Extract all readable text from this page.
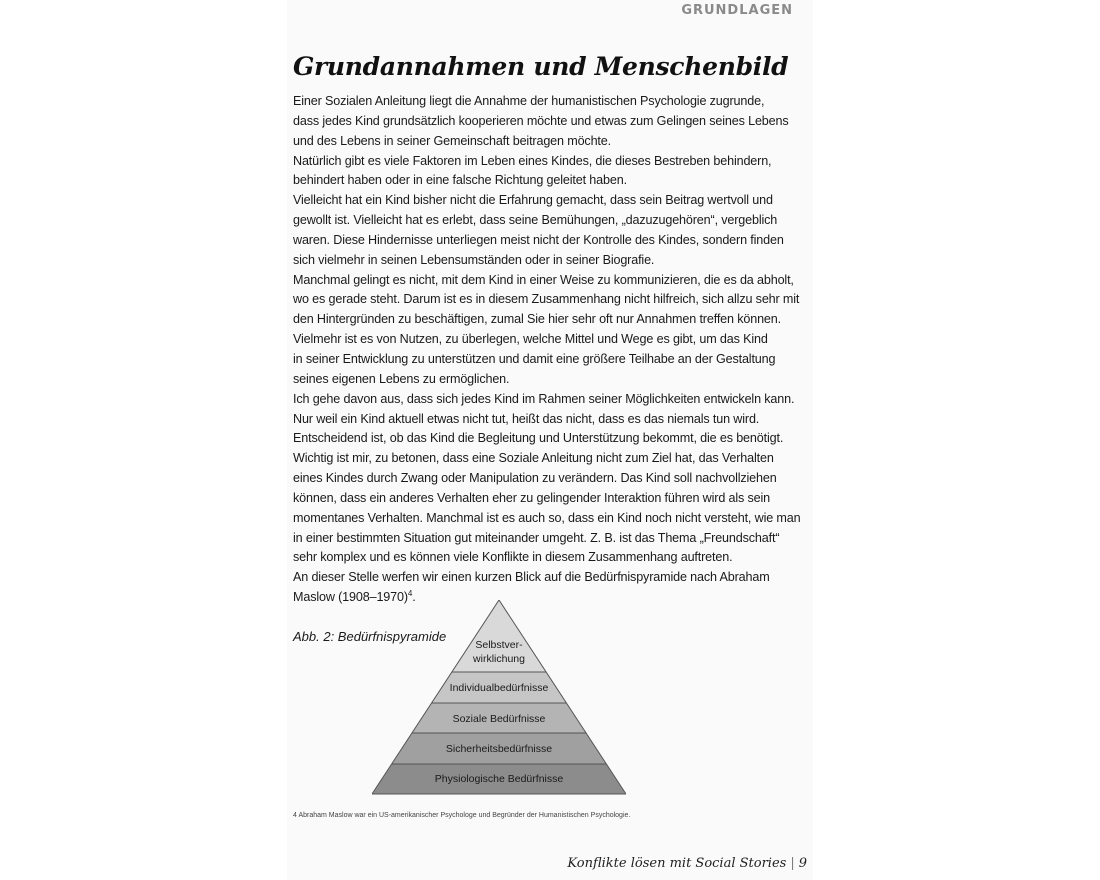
GRUNDLAGEN
Grundannahmen und Menschenbild

Einer Sozialen Anleitung liegt die Annahme der humanistischen Psychologie zugrunde,

dass jedes Kind grundsätzlich kooperieren möchte und etwas zum Gelingen seines Lebens

und des Lebens in seiner Gemeinschaft beitragen möchte.

Natürlich gibt es viele Faktoren im Leben eines Kindes, die dieses Bestreben behindern,

behindert haben oder in eine falsche Richtung geleitet haben.

Vielleicht hat ein Kind bisher nicht die Erfahrung gemacht, dass sein Beitrag wertvoll und

gewollt ist. Vielleicht hat es erlebt, dass seine Bemühungen, „dazuzugehören“, vergeblich

waren. Diese Hindernisse unterliegen meist nicht der Kontrolle des Kindes, sondern finden

sich vielmehr in seinen Lebensumständen oder in seiner Biografie.

Manchmal gelingt es nicht, mit dem Kind in einer Weise zu kommunizieren, die es da abholt,

wo es gerade steht. Darum ist es in diesem Zusammenhang nicht hilfreich, sich allzu sehr mit

den Hintergründen zu beschäftigen, zumal Sie hier sehr oft nur Annahmen treffen können.

Vielmehr ist es von Nutzen, zu überlegen, welche Mittel und Wege es gibt, um das Kind

in seiner Entwicklung zu unterstützen und damit eine größere Teilhabe an der Gestaltung

seines eigenen Lebens zu ermöglichen.

Ich gehe davon aus, dass sich jedes Kind im Rahmen seiner Möglichkeiten entwickeln kann.

Nur weil ein Kind aktuell etwas nicht tut, heißt das nicht, dass es das niemals tun wird.

Entscheidend ist, ob das Kind die Begleitung und Unterstützung bekommt, die es benötigt.

Wichtig ist mir, zu betonen, dass eine Soziale Anleitung nicht zum Ziel hat, das Verhalten

eines Kindes durch Zwang oder Manipulation zu verändern. Das Kind soll nachvollziehen

können, dass ein anderes Verhalten eher zu gelingender Interaktion führen wird als sein

momentanes Verhalten. Manchmal ist es auch so, dass ein Kind noch nicht versteht, wie man

in einer bestimmten Situation gut miteinander umgeht. Z. B. ist das Thema „Freundschaft“

sehr komplex und es können viele Konflikte in diesem Zusammenhang auftreten.

An dieser Stelle werfen wir einen kurzen Blick auf die Bedürfnispyramide nach Abraham

Maslow (1908–1970)$^4$.

Abb. 2: Bedürfnispyramide
4 Abraham Maslow war ein US-amerikanischer Psychologe und Begründer der Humanistischen Psychologie.
Konflikte lösen mit Social Stories | 9
Selbstver-
wirklichung
Individualbedürfnisse
Soziale Bedürfnisse
Sicherheitsbedürfnisse
Physiologische Bedürfnisse
